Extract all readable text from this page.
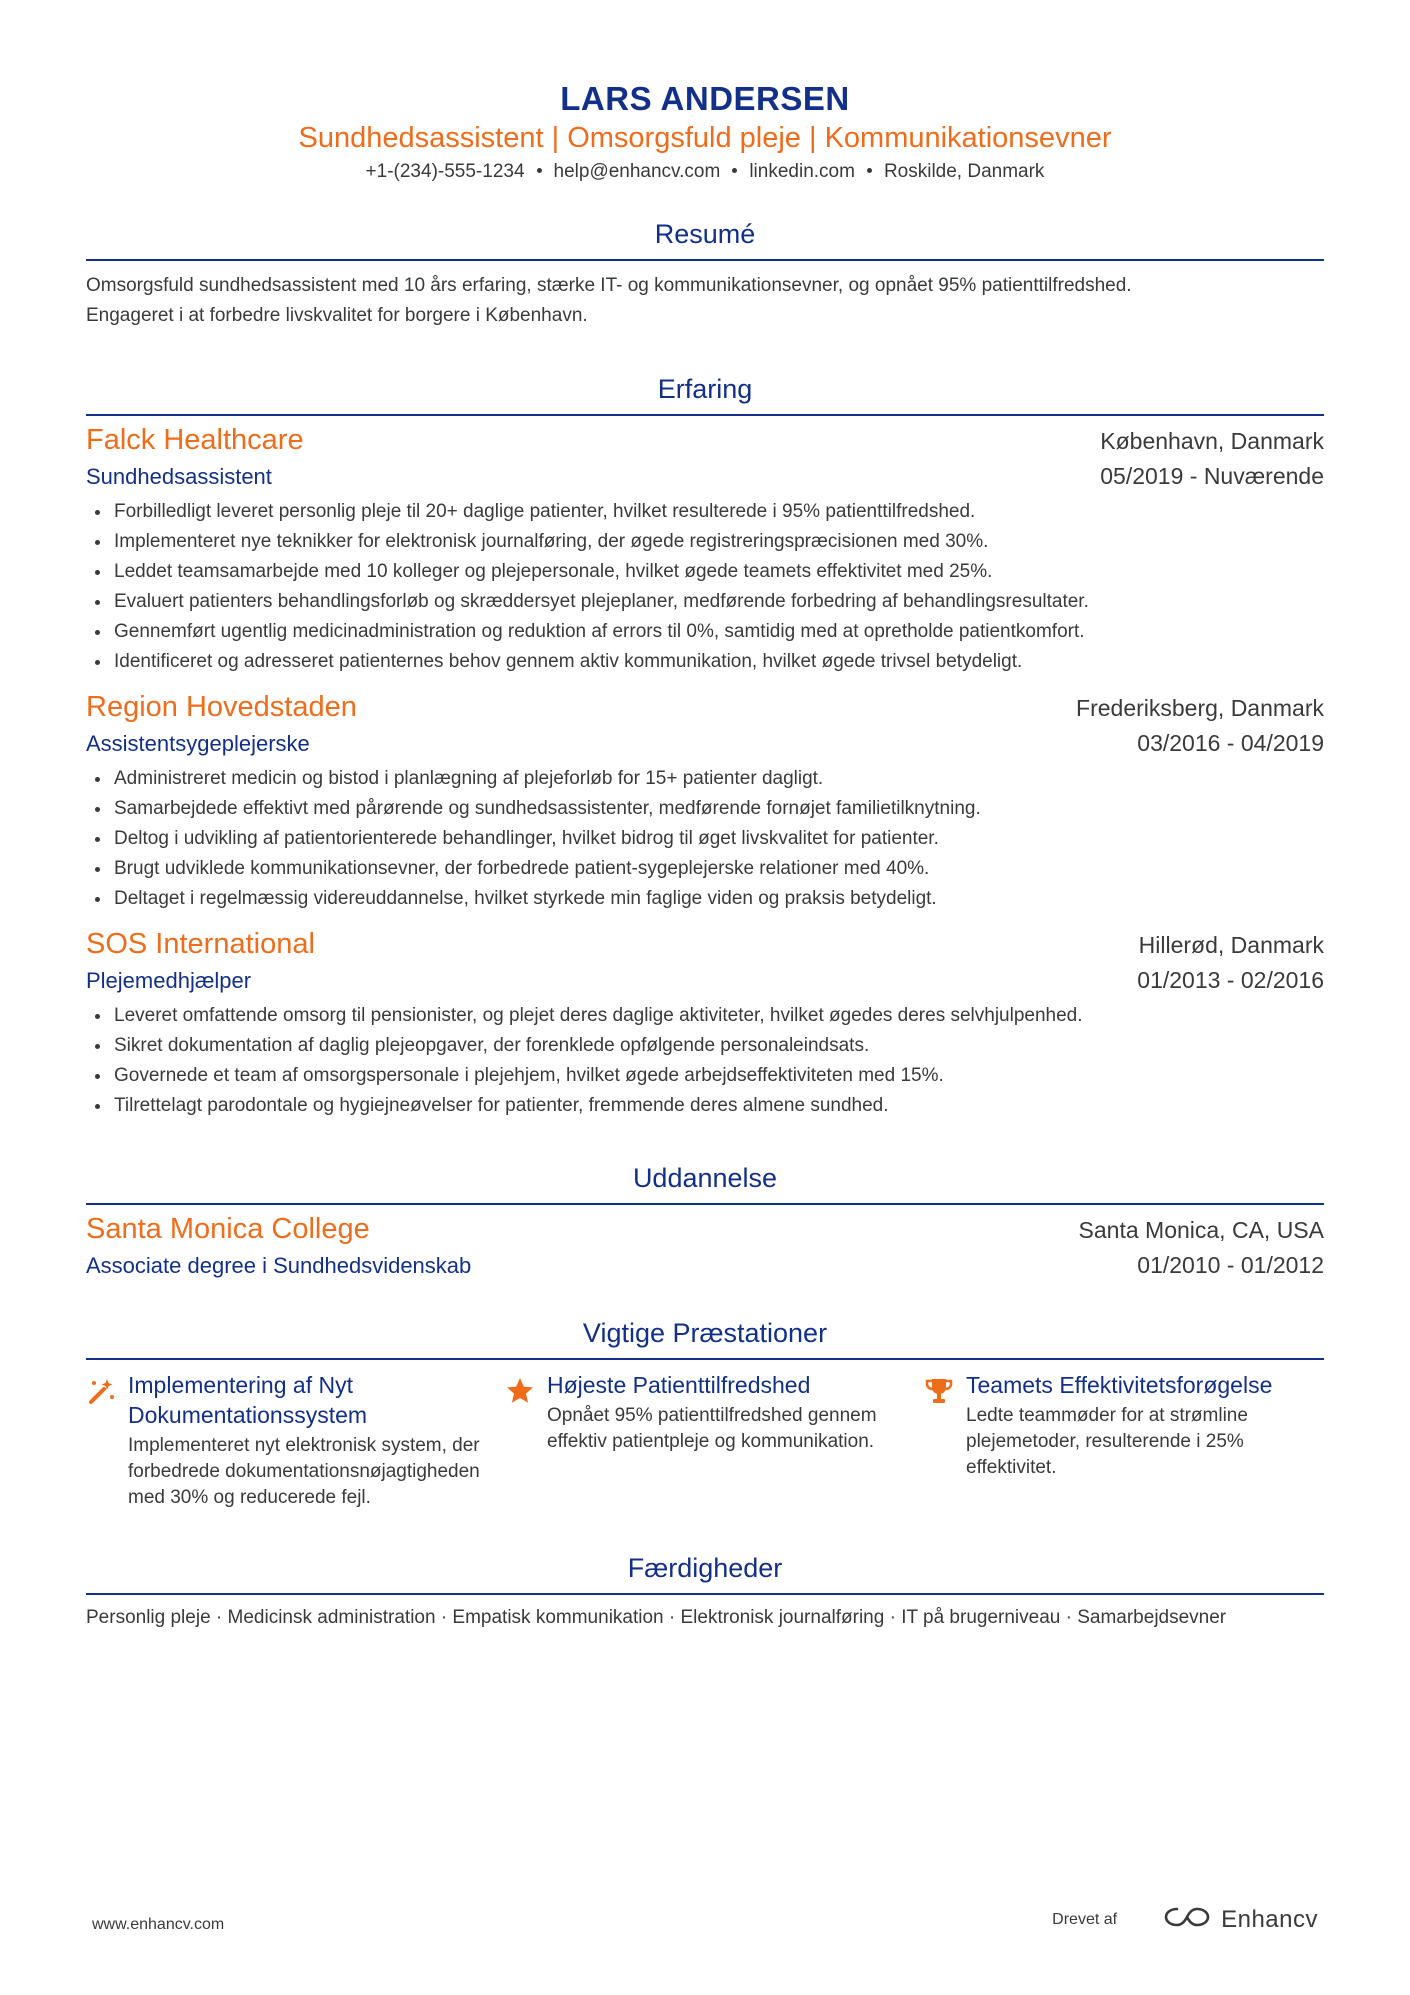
LARS ANDERSEN
Sundhedsassistent | Omsorgsfuld pleje | Kommunikationsevner
+1-(234)-555-1234 help@enhancv.com linkedin.com Roskilde, Danmark
Resumé

Omsorgsfuld sundhedsassistent med 10 års erfaring, stærke IT- og kommunikationsevner, og opnået 95% patienttilfredshed.

Engageret i at forbedre livskvalitet for borgere i København.

Erfaring
Falck Healthcare	København, Danmark
Sundhedsassistent	05/2019 - Nuværende
Forbilledligt leveret personlig pleje til 20+ daglige patienter, hvilket resulterede i 95% patienttilfredshed.
Implementeret nye teknikker for elektronisk journalføring, der øgede registreringspræcisionen med 30%.
Leddet teamsamarbejde med 10 kolleger og plejepersonale, hvilket øgede teamets effektivitet med 25%.
Evaluert patienters behandlingsforløb og skræddersyet plejeplaner, medførende forbedring af behandlingsresultater.
Gennemført ugentlig medicinadministration og reduktion af errors til 0%, samtidig med at opretholde patientkomfort.
Identificeret og adresseret patienternes behov gennem aktiv kommunikation, hvilket øgede trivsel betydeligt.
Region Hovedstaden	Frederiksberg, Danmark
Assistentsygeplejerske	03/2016 - 04/2019
Administreret medicin og bistod i planlægning af plejeforløb for 15+ patienter dagligt.
Samarbejdede effektivt med pårørende og sundhedsassistenter, medførende fornøjet familietilknytning.
Deltog i udvikling af patientorienterede behandlinger, hvilket bidrog til øget livskvalitet for patienter.
Brugt udviklede kommunikationsevner, der forbedrede patient-sygeplejerske relationer med 40%.
Deltaget i regelmæssig videreuddannelse, hvilket styrkede min faglige viden og praksis betydeligt.
SOS International	Hillerød, Danmark
Plejemedhjælper	01/2013 - 02/2016
Leveret omfattende omsorg til pensionister, og plejet deres daglige aktiviteter, hvilket øgedes deres selvhjulpenhed.
Sikret dokumentation af daglig plejeopgaver, der forenklede opfølgende personaleindsats.
Governede et team af omsorgspersonale i plejehjem, hvilket øgede arbejdseffektiviteten med 15%.
Tilrettelagt parodontale og hygiejneøvelser for patienter, fremmende deres almene sundhed.
Uddannelse
Santa Monica College	Santa Monica, CA, USA
Associate degree i Sundhedsvidenskab	01/2010 - 01/2012
Vigtige Præstationer
Implementering af Nyt Dokumentationssystem
Implementeret nyt elektronisk system, der forbedrede dokumentationsnøjagtigheden med 30% og reducerede fejl.
Højeste Patienttilfredshed
Opnået 95% patienttilfredshed gennem effektiv patientpleje og kommunikation.
Teamets Effektivitetsforøgelse
Ledte teammøder for at strømline plejemetoder, resulterende i 25% effektivitet.
Færdigheder

Personlig pleje · Medicinsk administration · Empatisk kommunikation · Elektronisk journalføring · IT på brugerniveau · Samarbejdsevner

www.enhancv.com	Drevet af	Enhancv
